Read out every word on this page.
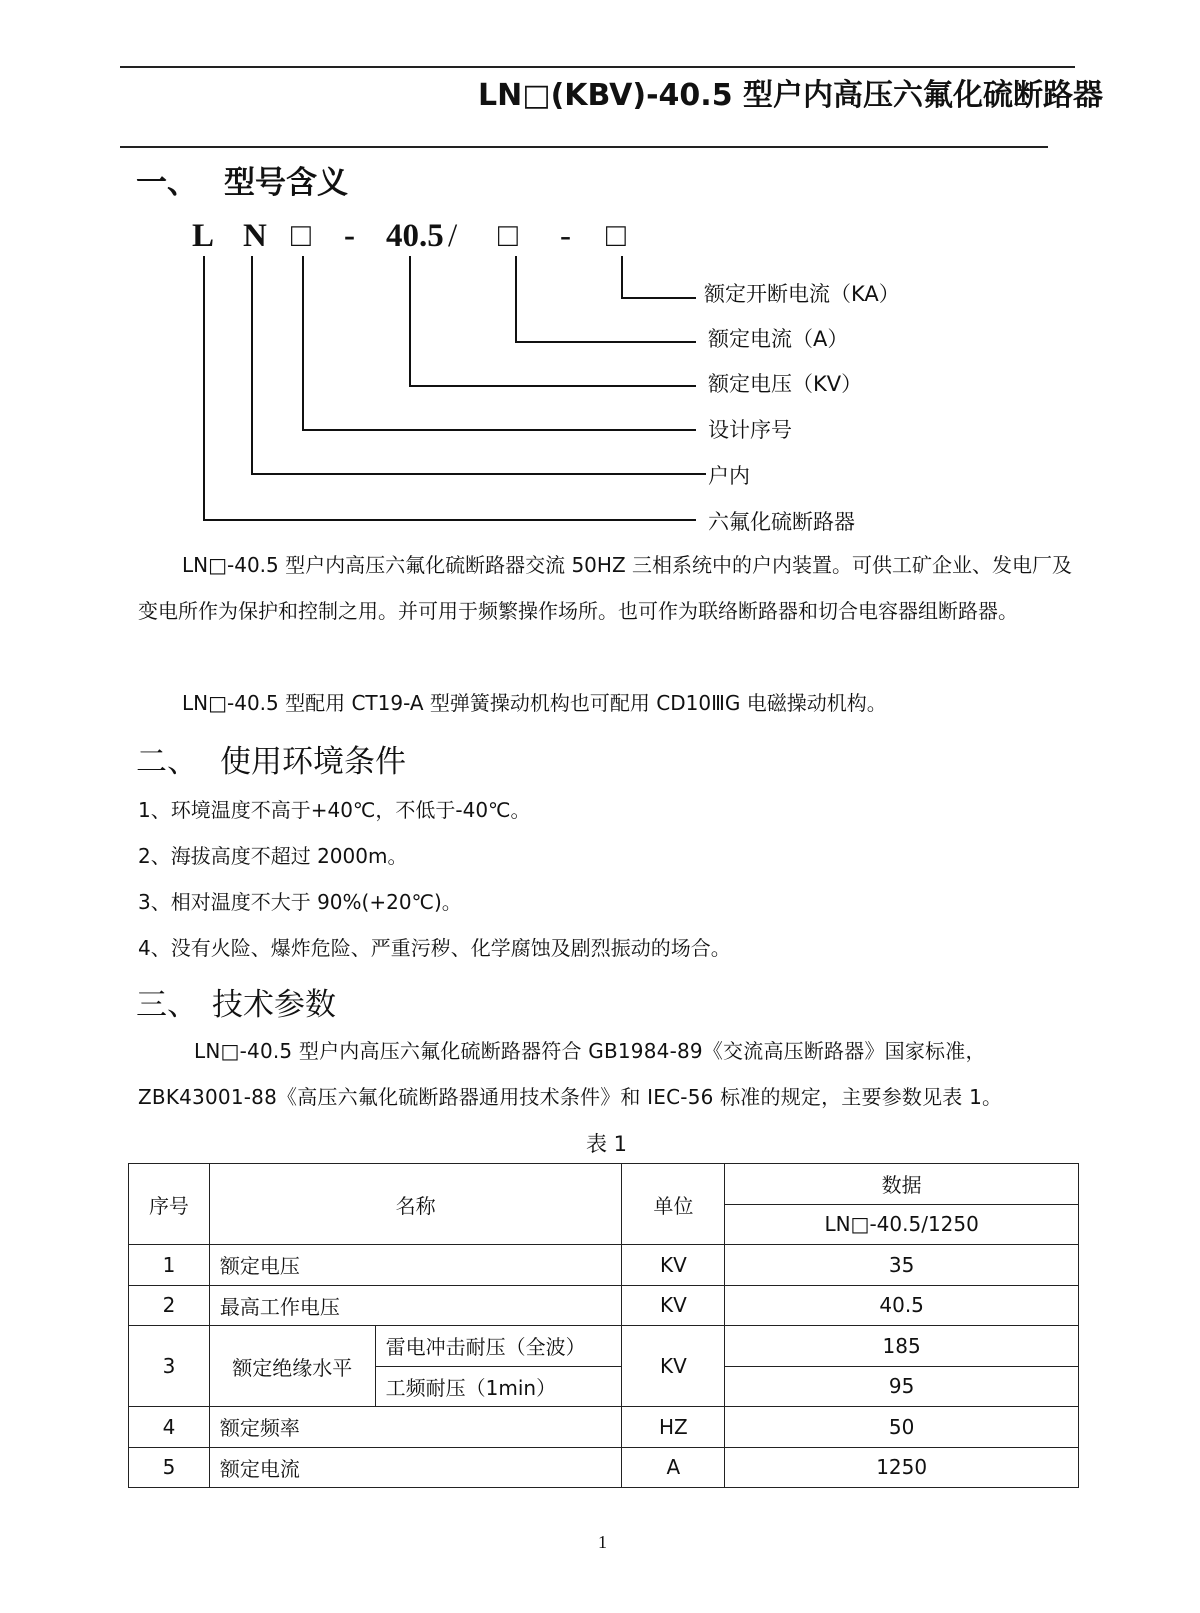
LN□(KBV)-40.5 型户内高压六氟化硫断路器
一、 型号含义
L N □ - 40.5 / □ - □
额定开断电流（KA）
额定电流（A）
额定电压（KV）
设计序号
户内
六氟化硫断路器
LN□-40.5 型户内高压六氟化硫断路器交流 50HZ 三相系统中的户内装置。可供工矿企业、发电厂及变电所作为保护和控制之用。并可用于频繁操作场所。也可作为联络断路器和切合电容器组断路器。
LN□-40.5 型配用 CT19-A 型弹簧操动机构也可配用 CD10ⅢG 电磁操动机构。
二、 使用环境条件
1、环境温度不高于+40℃，不低于-40℃。
2、海拔高度不超过 2000m。
3、相对温度不大于 90%(+20℃)。
4、没有火险、爆炸危险、严重污秽、化学腐蚀及剧烈振动的场合。
三、 技术参数
LN□-40.5 型户内高压六氟化硫断路器符合 GB1984-89《交流高压断路器》国家标准，ZBK43001-88《高压六氟化硫断路器通用技术条件》和 IEC-56 标准的规定，主要参数见表 1。
表 1
序号	名称		单位	数据
				LN□-40.5/1250
1	额定电压		KV	35
2	最高工作电压		KV	40.5
3	额定绝缘水平	雷电冲击耐压（全波）	KV	185
		工频耐压（1min）		95
4	额定频率		HZ	50
5	额定电流		A	1250
1
